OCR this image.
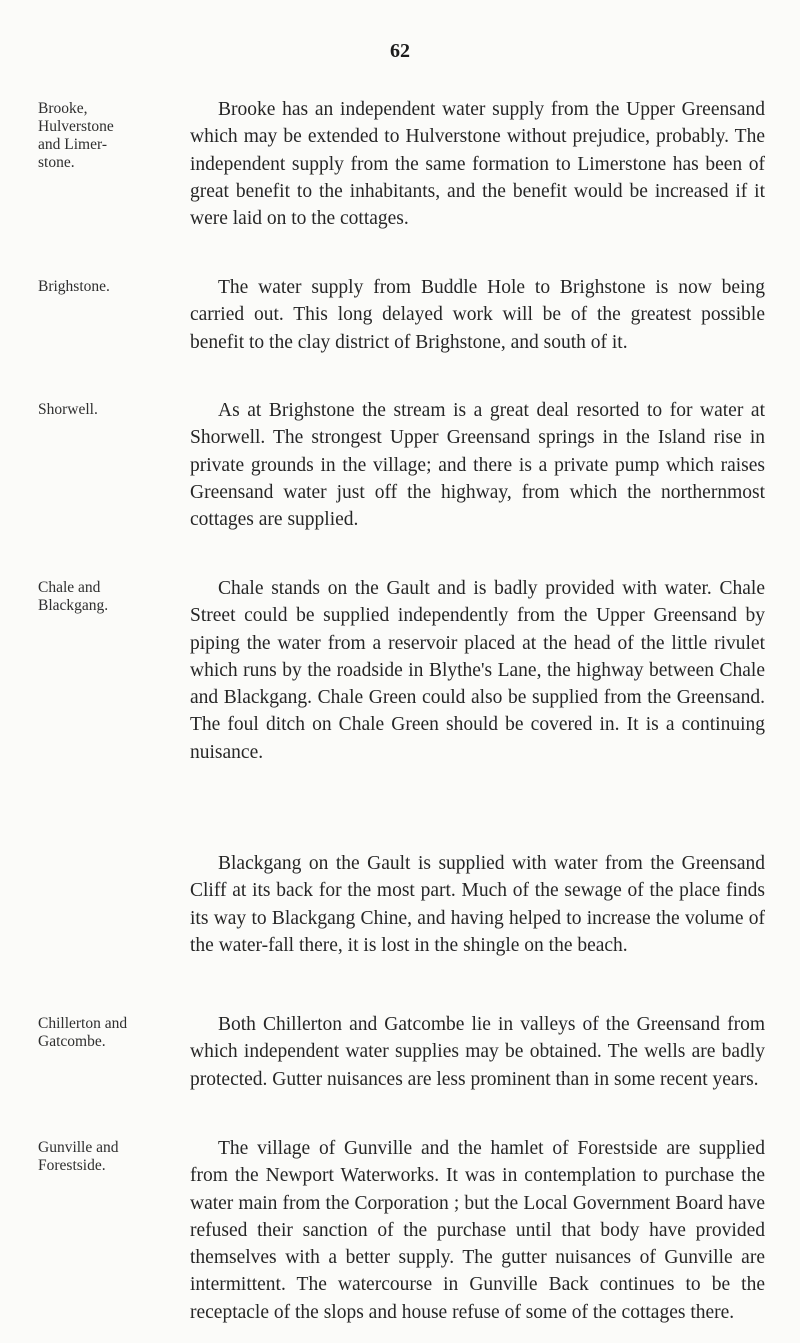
62
Brooke,
Hulverstone
and Limer-
stone.

Brooke has an independent water supply from the Upper Greensand which may be extended to Hulverstone without prejudice, probably. The independent supply from the same formation to Limerstone has been of great benefit to the inhabitants, and the benefit would be increased if it were laid on to the cottages.

Brighstone.	The water supply from Buddle Hole to Brighstone is now being carried out. This long delayed work will be of the greatest possible benefit to the clay district of Brighstone, and south of it.

Shorwell.	As at Brighstone the stream is a great deal resorted to for water at Shorwell. The strongest Upper Greensand springs in the Island rise in private grounds in the village; and there is a private pump which raises Greensand water just off the highway, from which the northernmost cottages are supplied.

Chale and
Blackgang.

Chale stands on the Gault and is badly provided with water. Chale Street could be supplied independently from the Upper Greensand by piping the water from a reservoir placed at the head of the little rivulet which runs by the roadside in Blythe's Lane, the highway between Chale and Blackgang. Chale Green could also be supplied from the Greensand. The foul ditch on Chale Green should be covered in. It is a continuing nuisance.

Blackgang on the Gault is supplied with water from the Greensand Cliff at its back for the most part. Much of the sewage of the place finds its way to Blackgang Chine, and having helped to increase the volume of the water-fall there, it is lost in the shingle on the beach.

Chillerton and
Gatcombe.

Both Chillerton and Gatcombe lie in valleys of the Greensand from which independent water supplies may be obtained. The wells are badly protected. Gutter nuisances are less prominent than in some recent years.

Gunville and
Forestside.

The village of Gunville and the hamlet of Forestside are supplied from the Newport Waterworks. It was in contemplation to purchase the water main from the Corporation ; but the Local Government Board have refused their sanction of the purchase until that body have provided themselves with a better supply. The gutter nuisances of Gunville are intermittent. The watercourse in Gunville Back continues to be the receptacle of the slops and house refuse of some of the cottages there.
